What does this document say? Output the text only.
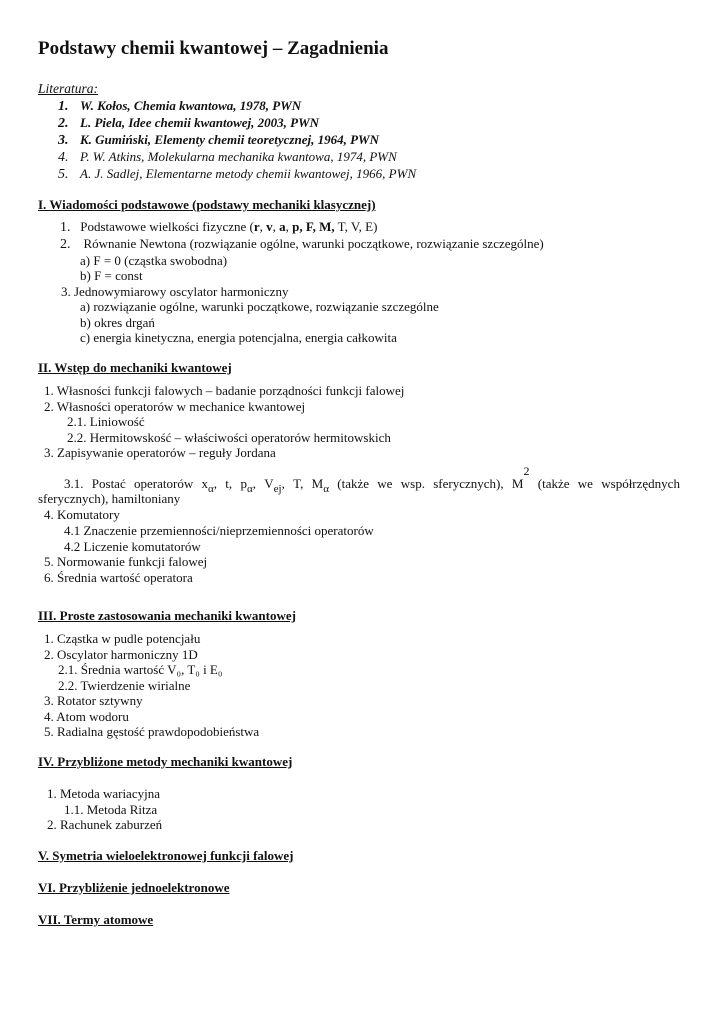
Podstawy chemii kwantowej – Zagadnienia
Literatura:
1. W. Kołos, Chemia kwantowa, 1978, PWN
2. L. Piela, Idee chemii kwantowej, 2003, PWN
3. K. Gumiński, Elementy chemii teoretycznej, 1964, PWN
4. P. W. Atkins, Molekularna mechanika kwantowa, 1974, PWN
5. A. J. Sadlej, Elementarne metody chemii kwantowej, 1966, PWN
I. Wiadomości podstawowe (podstawy mechaniki klasycznej)
1. Podstawowe wielkości fizyczne (r, v, a, p, F, M, T, V, E)
2. Równanie Newtona (rozwiązanie ogólne, warunki początkowe, rozwiązanie szczególne)
a) F = 0 (cząstka swobodna)
b) F = const
3. Jednowymiarowy oscylator harmoniczny
a) rozwiązanie ogólne, warunki początkowe, rozwiązanie szczególne
b) okres drgań
c) energia kinetyczna, energia potencjalna, energia całkowita
II. Wstęp do mechaniki kwantowej
1. Własności funkcji falowych – badanie porządności funkcji falowej
2. Własności operatorów w mechanice kwantowej
2.1. Liniowość
2.2. Hermitowskość – właściwości operatorów hermitowskich
3. Zapisywanie operatorów – reguły Jordana
3.1. Postać operatorów $x_\alpha$, t, $p_\alpha$, $V_{ej}$, T, $M_\alpha$ (także we wsp. sferycznych), $M^2$
(także we współrzędnych
sferycznych), hamiltoniany
4. Komutatory
4.1 Znaczenie przemienności/nieprzemienności operatorów
4.2 Liczenie komutatorów
5. Normowanie funkcji falowej
6. Średnia wartość operatora
III. Proste zastosowania mechaniki kwantowej
1. Cząstka w pudle potencjału
2. Oscylator harmoniczny 1D
2.1. Średnia wartość V₀, T₀ i E₀
2.2. Twierdzenie wirialne
3. Rotator sztywny
4. Atom wodoru
5. Radialna gęstość prawdopodobieństwa
IV. Przybliżone metody mechaniki kwantowej
1. Metoda wariacyjna
1.1. Metoda Ritza
2. Rachunek zaburzeń
V. Symetria wieloelektronowej funkcji falowej
VI. Przybliżenie jednoelektronowe
VII. Termy atomowe
